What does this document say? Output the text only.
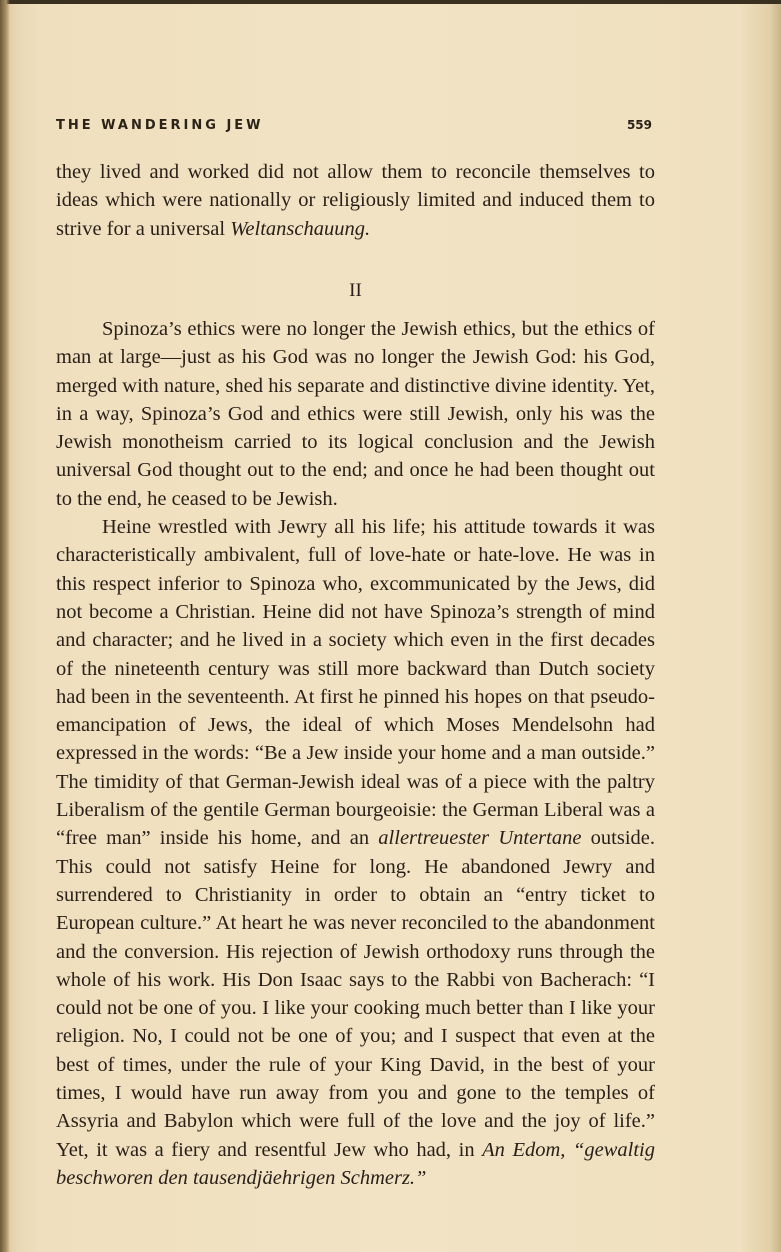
THE WANDERING JEW	559

they lived and worked did not allow them to reconcile themselves to ideas which were nationally or religiously limited and induced them to strive for a universal Weltanschauung.

II

Spinoza’s ethics were no longer the Jewish ethics, but the ethics of man at large—just as his God was no longer the Jewish God: his God, merged with nature, shed his separate and distinctive divine identity. Yet, in a way, Spinoza’s God and ethics were still Jewish, only his was the Jewish monotheism carried to its logical conclusion and the Jewish universal God thought out to the end; and once he had been thought out to the end, he ceased to be Jewish.

Heine wrestled with Jewry all his life; his attitude towards it was characteristically ambivalent, full of love-hate or hate-love. He was in this respect inferior to Spinoza who, excommunicated by the Jews, did not become a Christian. Heine did not have Spinoza’s strength of mind and character; and he lived in a society which even in the first decades of the nineteenth century was still more backward than Dutch society had been in the seventeenth. At first he pinned his hopes on that pseudo-emancipation of Jews, the ideal of which Moses Mendelsohn had expressed in the words: “Be a Jew inside your home and a man outside.” The timidity of that German-Jewish ideal was of a piece with the paltry Liberalism of the gentile German bourgeoisie: the German Liberal was a “free man” inside his home, and an allertreuester Untertane outside. This could not satisfy Heine for long. He abandoned Jewry and surrendered to Christianity in order to obtain an “entry ticket to European culture.” At heart he was never reconciled to the abandonment and the conversion. His rejection of Jewish orthodoxy runs through the whole of his work. His Don Isaac says to the Rabbi von Bacherach: “I could not be one of you. I like your cooking much better than I like your religion. No, I could not be one of you; and I suspect that even at the best of times, under the rule of your King David, in the best of your times, I would have run away from you and gone to the temples of Assyria and Babylon which were full of the love and the joy of life.” Yet, it was a fiery and resentful Jew who had, in An Edom, “gewaltig beschworen den tausendjäehrigen Schmerz.”
